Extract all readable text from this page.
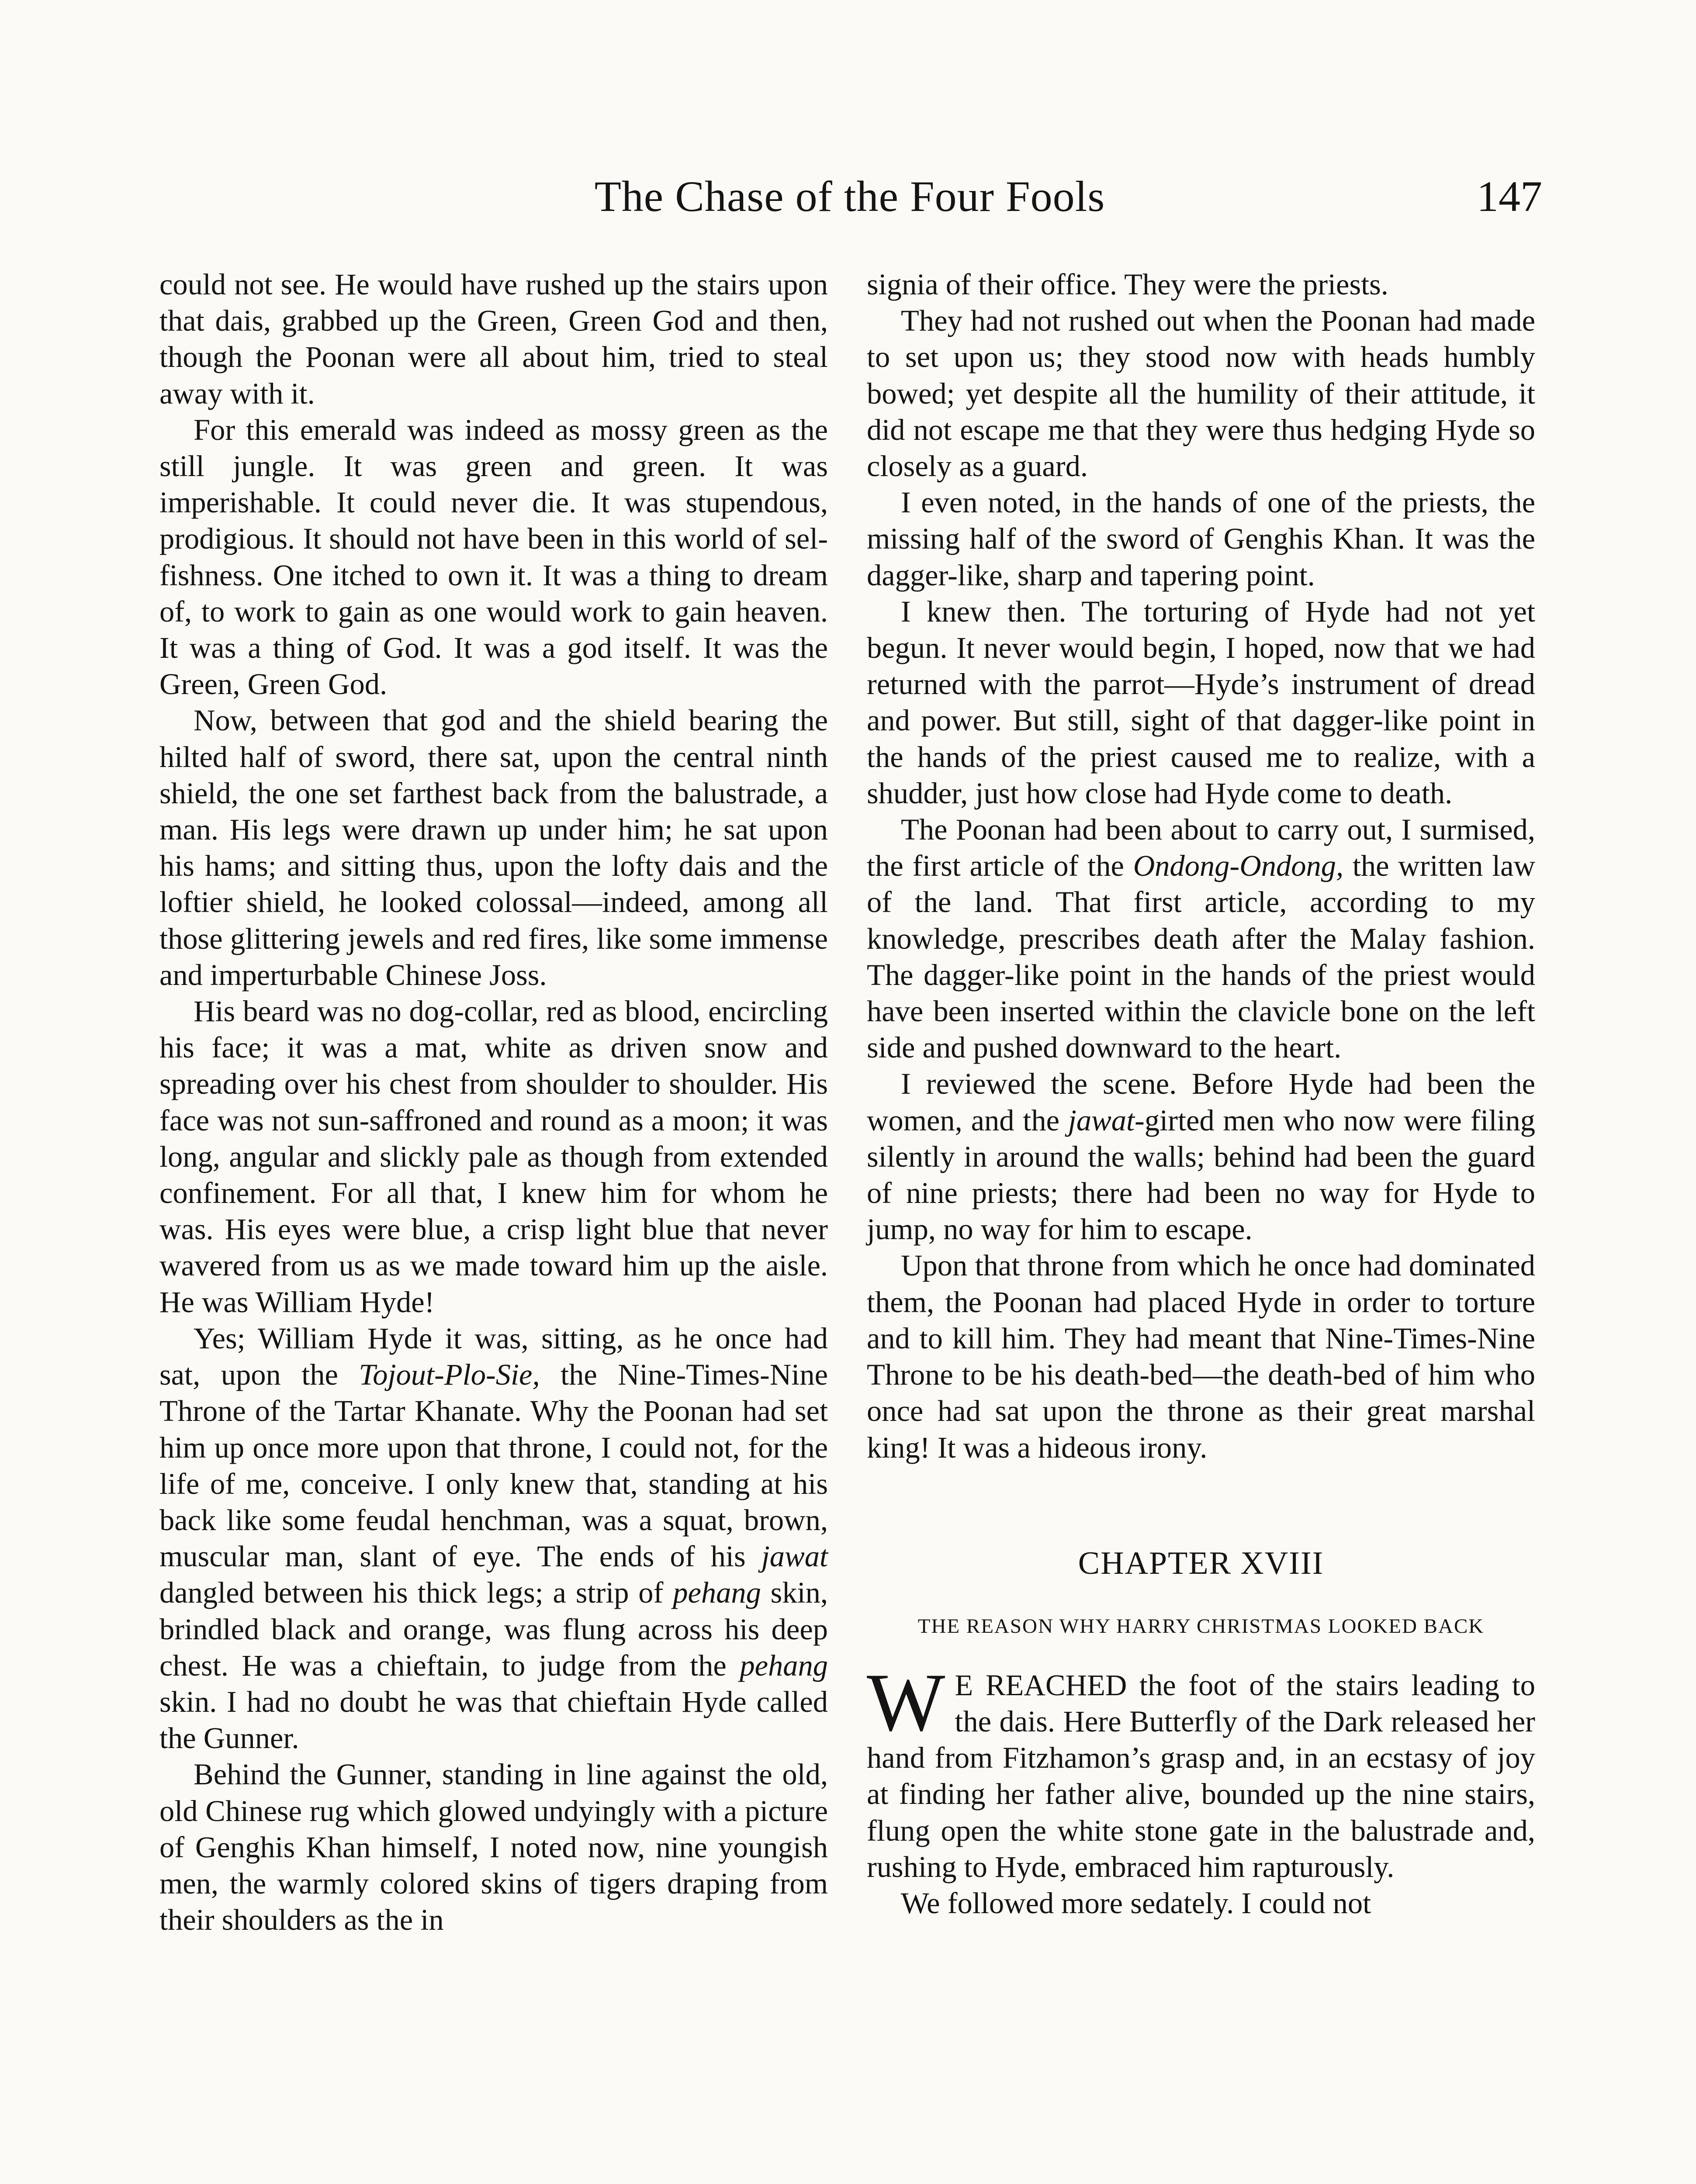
The Chase of the Four Fools	147

could not see. He would have rushed up the stairs upon that dais, grabbed up the Green, Green God and then, though the Poonan were all about him, tried to steal away with it.

For this emerald was indeed as mossy green as the still jungle. It was green and green. It was imperishable. It could never die. It was stupendous, prodigious. It should not have been in this world of selfishness. One itched to own it. It was a thing to dream of, to work to gain as one would work to gain heaven. It was a thing of God. It was a god itself. It was the Green, Green God.

Now, between that god and the shield bearing the hilted half of sword, there sat, upon the central ninth shield, the one set farthest back from the balustrade, a man. His legs were drawn up under him; he sat upon his hams; and sitting thus, upon the lofty dais and the loftier shield, he looked colossal—indeed, among all those glittering jewels and red fires, like some immense and imperturbable Chinese Joss.

His beard was no dog-collar, red as blood, encircling his face; it was a mat, white as driven snow and spreading over his chest from shoulder to shoulder. His face was not sun-saffroned and round as a moon; it was long, angular and slickly pale as though from extended confinement. For all that, I knew him for whom he was. His eyes were blue, a crisp light blue that never wavered from us as we made toward him up the aisle. He was William Hyde!

Yes; William Hyde it was, sitting, as he once had sat, upon the Tojout-Plo-Sie, the Nine-Times-Nine Throne of the Tartar Khanate. Why the Poonan had set him up once more upon that throne, I could not, for the life of me, conceive. I only knew that, standing at his back like some feudal henchman, was a squat, brown, muscular man, slant of eye. The ends of his jawat dangled between his thick legs; a strip of pehang skin, brindled black and orange, was flung across his deep chest. He was a chieftain, to judge from the pehang skin. I had no doubt he was that chieftain Hyde called the Gunner.

Behind the Gunner, standing in line against the old, old Chinese rug which glowed undyingly with a picture of Genghis Khan himself, I noted now, nine youngish men, the warmly colored skins of tigers draping from their shoulders as the in

signia of their office. They were the priests.

They had not rushed out when the Poonan had made to set upon us; they stood now with heads humbly bowed; yet despite all the humility of their attitude, it did not escape me that they were thus hedging Hyde so closely as a guard.

I even noted, in the hands of one of the priests, the missing half of the sword of Genghis Khan. It was the dagger-like, sharp and tapering point.

I knew then. The torturing of Hyde had not yet begun. It never would begin, I hoped, now that we had returned with the parrot—Hyde’s instrument of dread and power. But still, sight of that dagger-like point in the hands of the priest caused me to realize, with a shudder, just how close had Hyde come to death.

The Poonan had been about to carry out, I surmised, the first article of the Ondong-Ondong, the written law of the land. That first article, according to my knowledge, prescribes death after the Malay fashion. The dagger-like point in the hands of the priest would have been inserted within the clavicle bone on the left side and pushed downward to the heart.

I reviewed the scene. Before Hyde had been the women, and the jawat-girted men who now were filing silently in around the walls; behind had been the guard of nine priests; there had been no way for Hyde to jump, no way for him to escape.

Upon that throne from which he once had dominated them, the Poonan had placed Hyde in order to torture and to kill him. They had meant that Nine-Times-Nine Throne to be his death-bed—the death-bed of him who once had sat upon the throne as their great marshal king! It was a hideous irony.

CHAPTER XVIII
THE REASON WHY HARRY CHRISTMAS LOOKED BACK

W E REACHED the foot of the stairs leading to the dais. Here Butterfly of the Dark released her hand from Fitzhamon’s grasp and, in an ecstasy of joy at finding her father alive, bounded up the nine stairs, flung open the white stone gate in the balustrade and, rushing to Hyde, embraced him rapturously.

We followed more sedately. I could not
